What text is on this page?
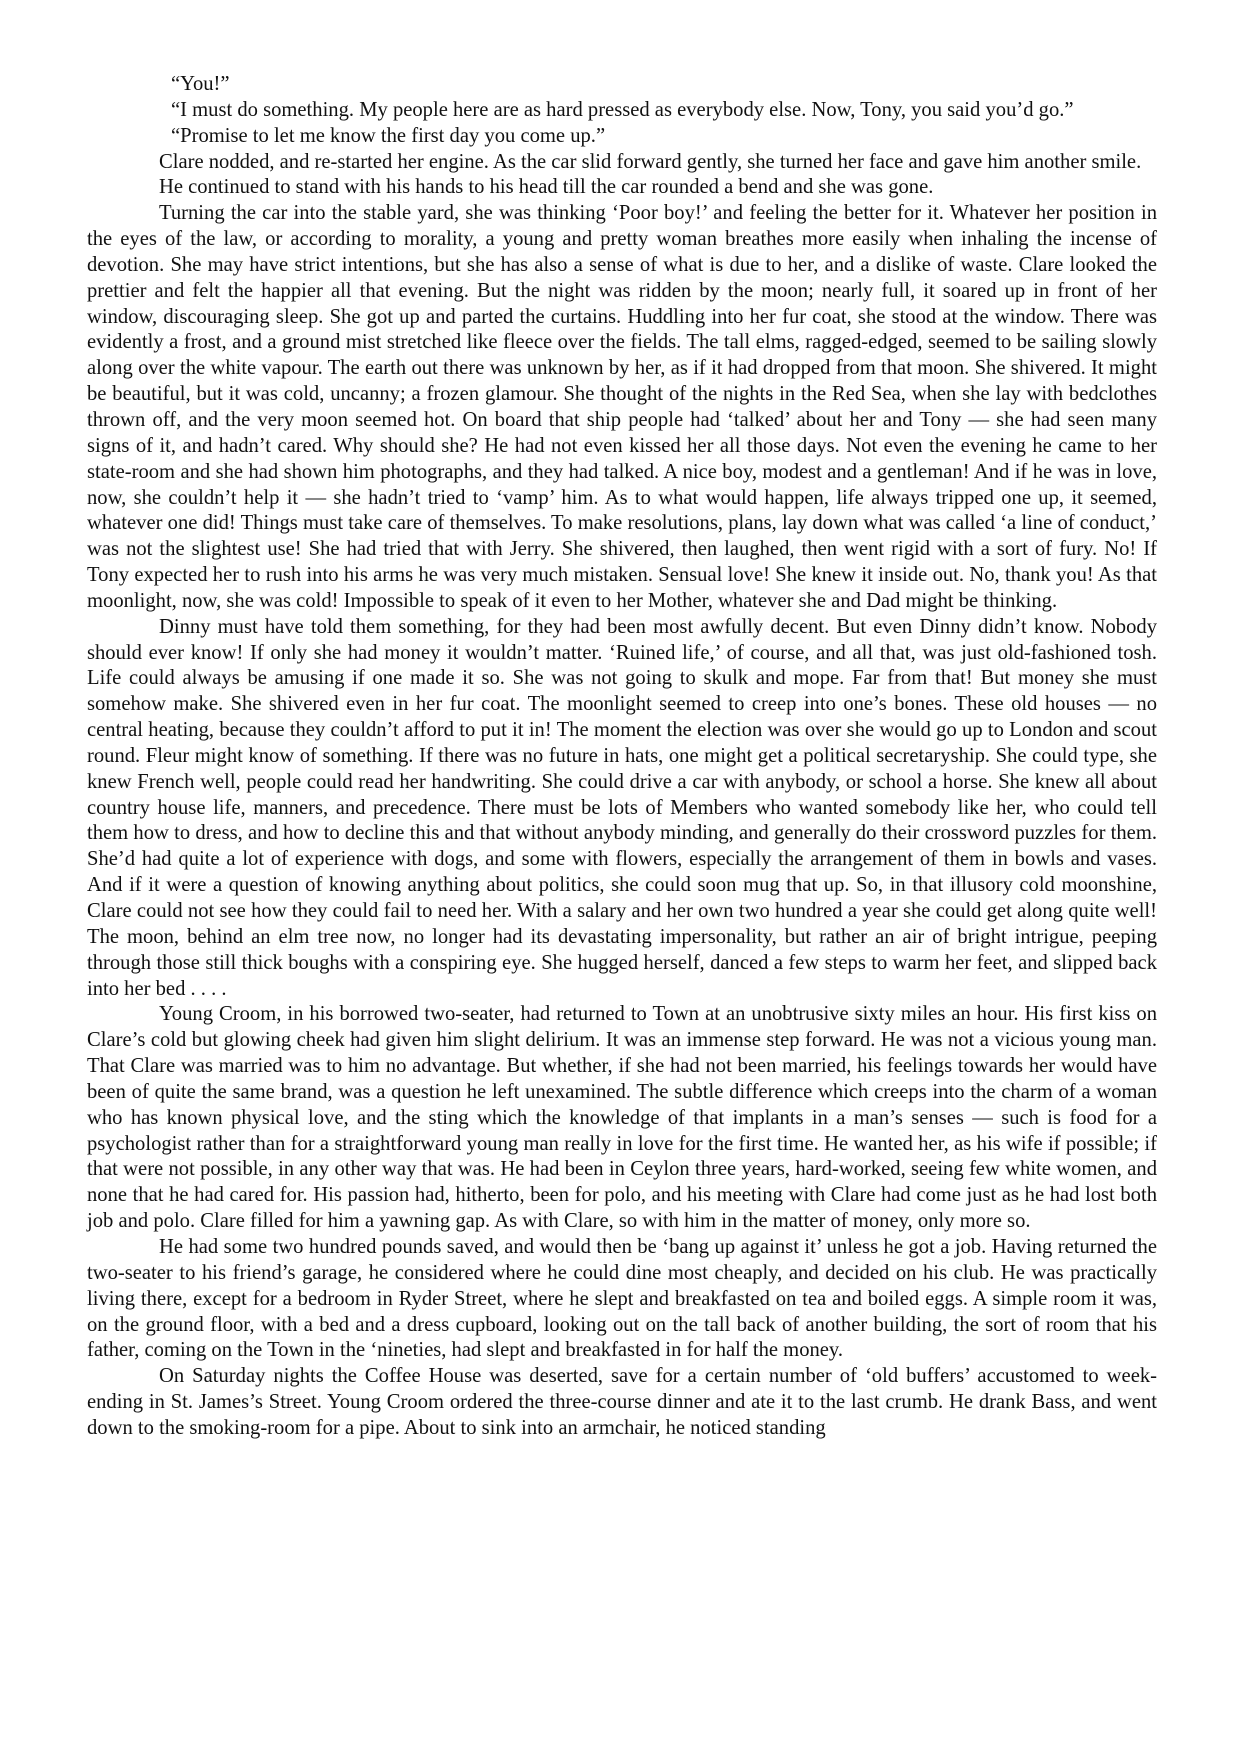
“You!”

“I must do something. My people here are as hard pressed as everybody else. Now, Tony, you said you’d go.”

“Promise to let me know the first day you come up.”

Clare nodded, and re-started her engine. As the car slid forward gently, she turned her face and gave him another smile.

He continued to stand with his hands to his head till the car rounded a bend and she was gone.

Turning the car into the stable yard, she was thinking ‘Poor boy!’ and feeling the better for it. Whatever her position in the eyes of the law, or according to morality, a young and pretty woman breathes more easily when inhaling the incense of devotion. She may have strict intentions, but she has also a sense of what is due to her, and a dislike of waste. Clare looked the prettier and felt the happier all that evening. But the night was ridden by the moon; nearly full, it soared up in front of her window, discouraging sleep. She got up and parted the curtains. Huddling into her fur coat, she stood at the window. There was evidently a frost, and a ground mist stretched like fleece over the fields. The tall elms, ragged-edged, seemed to be sailing slowly along over the white vapour. The earth out there was unknown by her, as if it had dropped from that moon. She shivered. It might be beautiful, but it was cold, uncanny; a frozen glamour. She thought of the nights in the Red Sea, when she lay with bedclothes thrown off, and the very moon seemed hot. On board that ship people had ‘talked’ about her and Tony — she had seen many signs of it, and hadn’t cared. Why should she? He had not even kissed her all those days. Not even the evening he came to her state-room and she had shown him photographs, and they had talked. A nice boy, modest and a gentleman! And if he was in love, now, she couldn’t help it — she hadn’t tried to ‘vamp’ him. As to what would happen, life always tripped one up, it seemed, whatever one did! Things must take care of themselves. To make resolutions, plans, lay down what was called ‘a line of conduct,’ was not the slightest use! She had tried that with Jerry. She shivered, then laughed, then went rigid with a sort of fury. No! If Tony expected her to rush into his arms he was very much mistaken. Sensual love! She knew it inside out. No, thank you! As that moonlight, now, she was cold! Impossible to speak of it even to her Mother, whatever she and Dad might be thinking.

Dinny must have told them something, for they had been most awfully decent. But even Dinny didn’t know. Nobody should ever know! If only she had money it wouldn’t matter. ‘Ruined life,’ of course, and all that, was just old-fashioned tosh. Life could always be amusing if one made it so. She was not going to skulk and mope. Far from that! But money she must somehow make. She shivered even in her fur coat. The moonlight seemed to creep into one’s bones. These old houses — no central heating, because they couldn’t afford to put it in! The moment the election was over she would go up to London and scout round. Fleur might know of something. If there was no future in hats, one might get a political secretaryship. She could type, she knew French well, people could read her handwriting. She could drive a car with anybody, or school a horse. She knew all about country house life, manners, and precedence. There must be lots of Members who wanted somebody like her, who could tell them how to dress, and how to decline this and that without anybody minding, and generally do their crossword puzzles for them. She’d had quite a lot of experience with dogs, and some with flowers, especially the arrangement of them in bowls and vases. And if it were a question of knowing anything about politics, she could soon mug that up. So, in that illusory cold moonshine, Clare could not see how they could fail to need her. With a salary and her own two hundred a year she could get along quite well! The moon, behind an elm tree now, no longer had its devastating impersonality, but rather an air of bright intrigue, peeping through those still thick boughs with a conspiring eye. She hugged herself, danced a few steps to warm her feet, and slipped back into her bed . . . .

Young Croom, in his borrowed two-seater, had returned to Town at an unobtrusive sixty miles an hour. His first kiss on Clare’s cold but glowing cheek had given him slight delirium. It was an immense step forward. He was not a vicious young man. That Clare was married was to him no advantage. But whether, if she had not been married, his feelings towards her would have been of quite the same brand, was a question he left unexamined. The subtle difference which creeps into the charm of a woman who has known physical love, and the sting which the knowledge of that implants in a man’s senses — such is food for a psychologist rather than for a straightforward young man really in love for the first time. He wanted her, as his wife if possible; if that were not possible, in any other way that was. He had been in Ceylon three years, hard-worked, seeing few white women, and none that he had cared for. His passion had, hitherto, been for polo, and his meeting with Clare had come just as he had lost both job and polo. Clare filled for him a yawning gap. As with Clare, so with him in the matter of money, only more so.

He had some two hundred pounds saved, and would then be ‘bang up against it’ unless he got a job. Having returned the two-seater to his friend’s garage, he considered where he could dine most cheaply, and decided on his club. He was practically living there, except for a bedroom in Ryder Street, where he slept and breakfasted on tea and boiled eggs. A simple room it was, on the ground floor, with a bed and a dress cupboard, looking out on the tall back of another building, the sort of room that his father, coming on the Town in the ‘nineties, had slept and breakfasted in for half the money.

On Saturday nights the Coffee House was deserted, save for a certain number of ‘old buffers’ accustomed to week-ending in St. James’s Street. Young Croom ordered the three-course dinner and ate it to the last crumb. He drank Bass, and went down to the smoking-room for a pipe. About to sink into an armchair, he noticed standing
